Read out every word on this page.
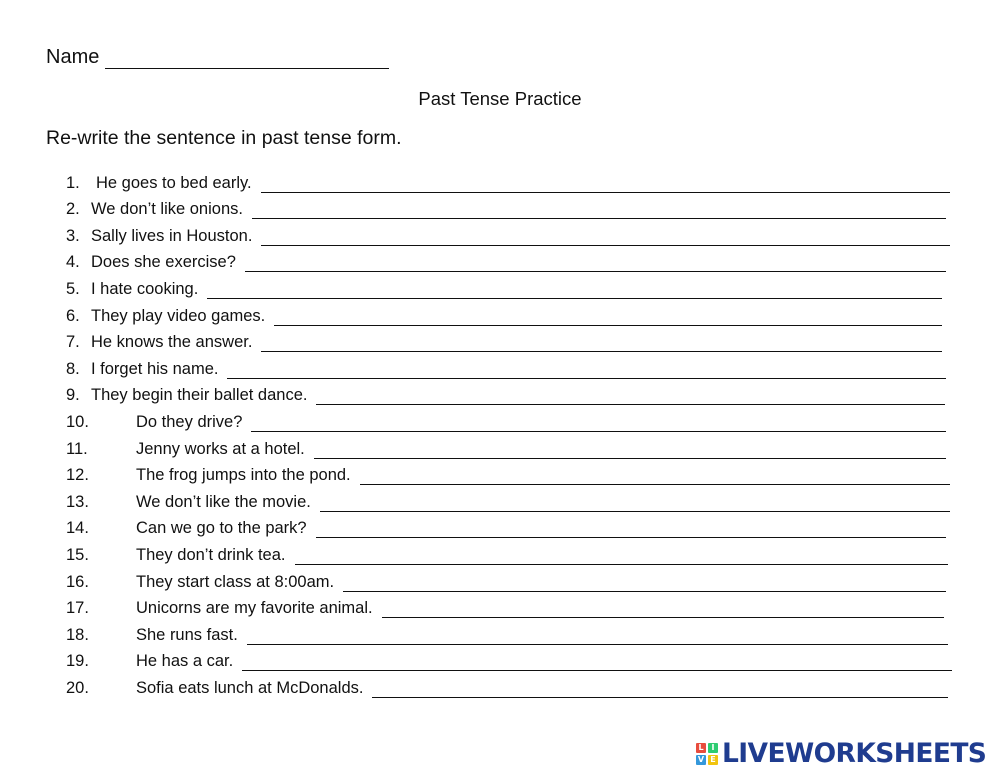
Name
Past Tense Practice
Re-write the sentence in past tense form.
1. He goes to bed early.
2. We don’t like onions.
3. Sally lives in Houston.
4. Does she exercise?
5. I hate cooking.
6. They play video games.
7. He knows the answer.
8. I forget his name.
9. They begin their ballet dance.
10.	Do they drive?
11.	Jenny works at a hotel.
12.	The frog jumps into the pond.
13.	We don’t like the movie.
14.	Can we go to the park?
15.	They don’t drink tea.
16.	They start class at 8:00am.
17.	Unicorns are my favorite animal.
18.	She runs fast.
19.	He has a car.
20.	Sofia eats lunch at McDonalds.
L I
V E LIVEWORKSHEETS
